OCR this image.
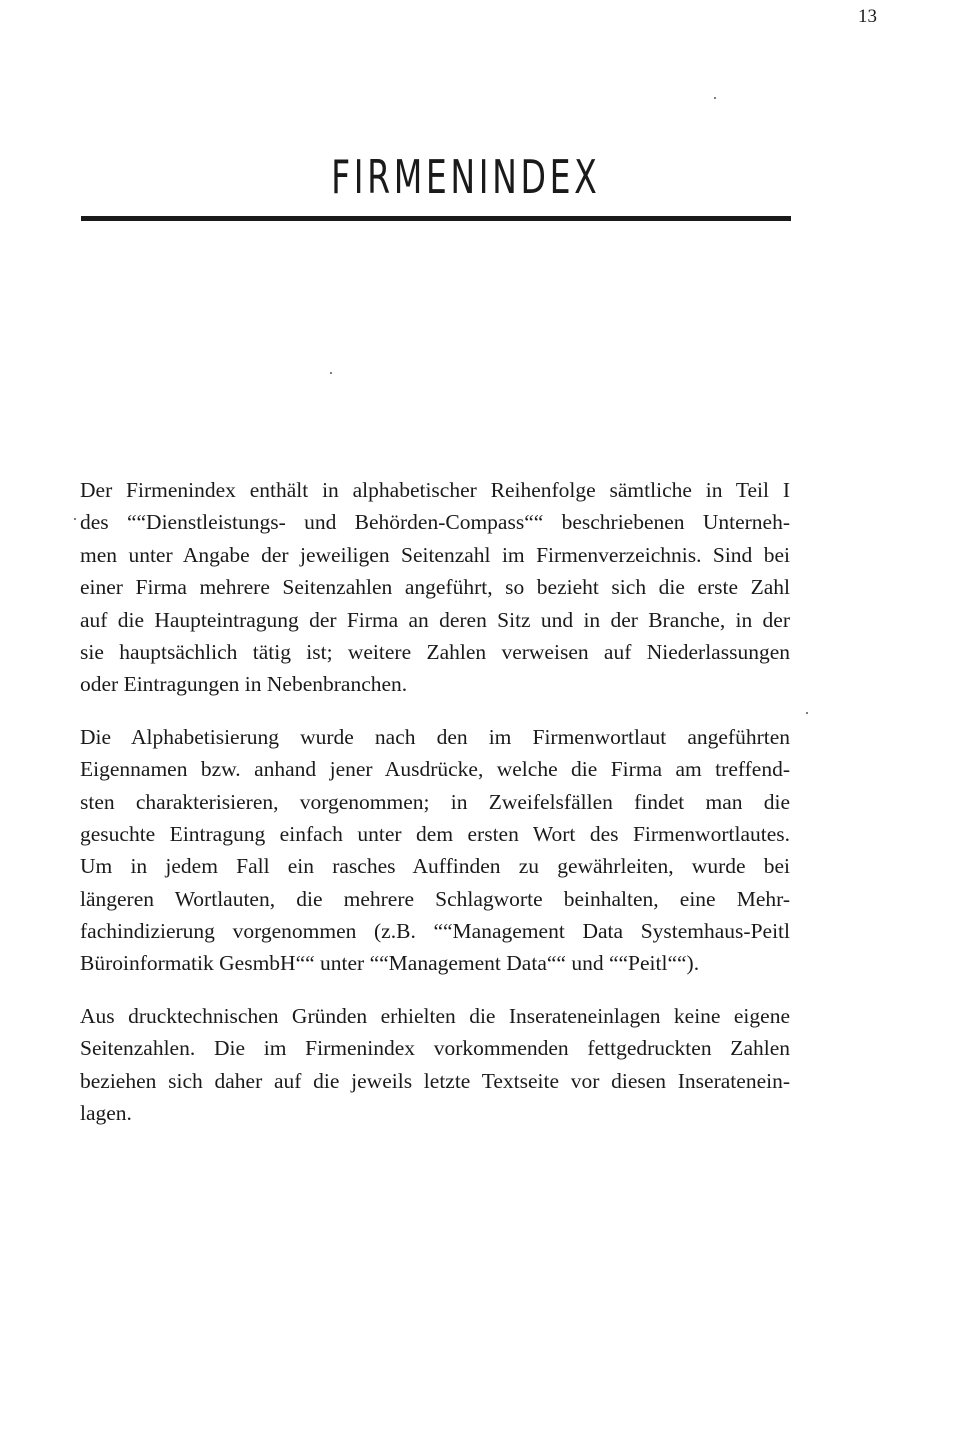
13
FIRMENINDEX
Der Firmenindex enthält in alphabetischer Reihenfolge sämtliche in Teil I
des ““Dienstleistungs- und Behörden-Compass““ beschriebenen Unterneh-
men unter Angabe der jeweiligen Seitenzahl im Firmenverzeichnis. Sind bei
einer Firma mehrere Seitenzahlen angeführt, so bezieht sich die erste Zahl
auf die Haupteintragung der Firma an deren Sitz und in der Branche, in der
sie hauptsächlich tätig ist; weitere Zahlen verweisen auf Niederlassungen
oder Eintragungen in Nebenbranchen.
Die Alphabetisierung wurde nach den im Firmenwortlaut angeführten
Eigennamen bzw. anhand jener Ausdrücke, welche die Firma am treffend-
sten charakterisieren, vorgenommen; in Zweifelsfällen findet man die
gesuchte Eintragung einfach unter dem ersten Wort des Firmenwortlautes.
Um in jedem Fall ein rasches Auffinden zu gewährleiten, wurde bei
längeren Wortlauten, die mehrere Schlagworte beinhalten, eine Mehr-
fachindizierung vorgenommen (z.B. ““Management Data Systemhaus-Peitl
Büroinformatik GesmbH““ unter ““Management Data““ und ““Peitl““).
Aus drucktechnischen Gründen erhielten die Inserateneinlagen keine eigene
Seitenzahlen. Die im Firmenindex vorkommenden fettgedruckten Zahlen
beziehen sich daher auf die jeweils letzte Textseite vor diesen Inseratenein-
lagen.
